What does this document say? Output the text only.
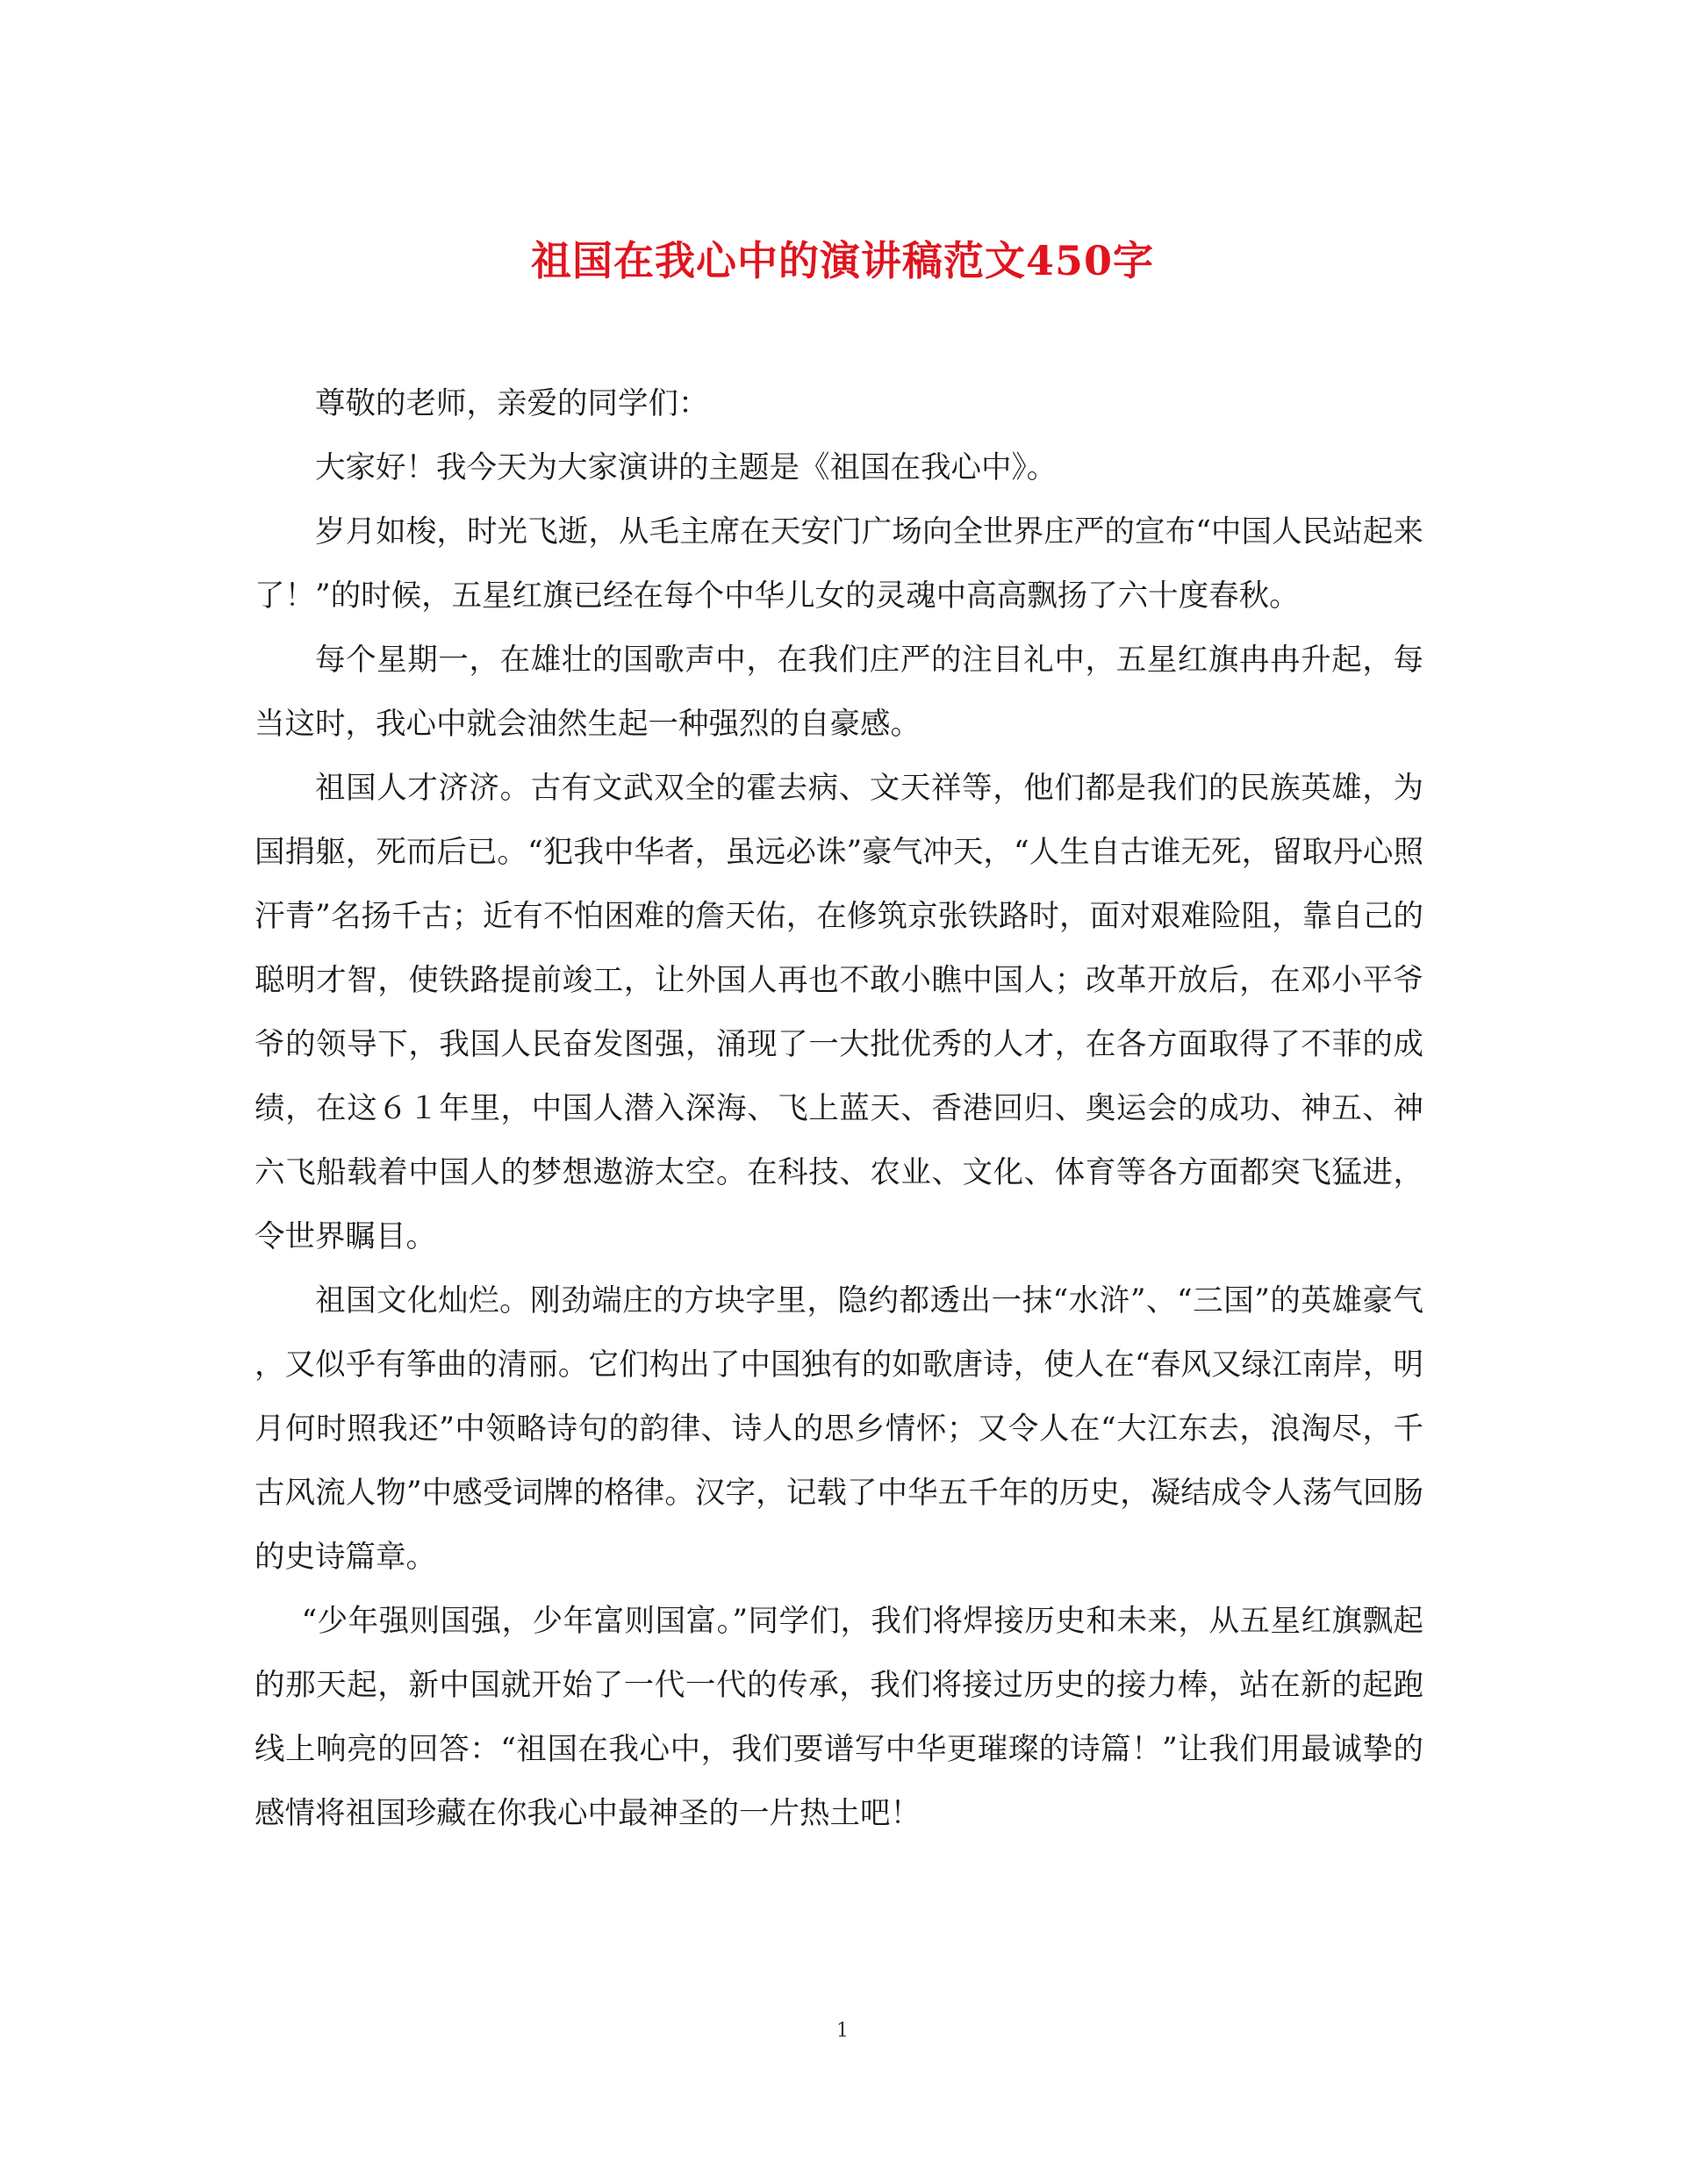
祖国在我心中的演讲稿范文450字

尊敬的老师，亲爱的同学们：

大家好！我今天为大家演讲的主题是《祖国在我心中》。

岁月如梭，时光飞逝，从毛主席在天安门广场向全世界庄严的宣布“中国人民站起来了！”的时候，五星红旗已经在每个中华儿女的灵魂中高高飘扬了六十度春秋。

每个星期一，在雄壮的国歌声中，在我们庄严的注目礼中，五星红旗冉冉升起，每当这时，我心中就会油然生起一种强烈的自豪感。

祖国人才济济。古有文武双全的霍去病、文天祥等，他们都是我们的民族英雄，为国捐躯，死而后已。“犯我中华者，虽远必诛”豪气冲天，“人生自古谁无死，留取丹心照汗青”名扬千古；近有不怕困难的詹天佑，在修筑京张铁路时，面对艰难险阻，靠自己的聪明才智，使铁路提前竣工，让外国人再也不敢小瞧中国人；改革开放后，在邓小平爷爷的领导下，我国人民奋发图强，涌现了一大批优秀的人才，在各方面取得了不菲的成绩，在这６１年里，中国人潜入深海、飞上蓝天、香港回归、奥运会的成功、神五、神六飞船载着中国人的梦想遨游太空。在科技、农业、文化、体育等各方面都突飞猛进，令世界瞩目。

祖国文化灿烂。刚劲端庄的方块字里，隐约都透出一抹“水浒”、“三国”的英雄豪气，又似乎有筝曲的清丽。它们构出了中国独有的如歌唐诗，使人在“春风又绿江南岸，明月何时照我还”中领略诗句的韵律、诗人的思乡情怀；又令人在“大江东去，浪淘尽，千古风流人物”中感受词牌的格律。汉字，记载了中华五千年的历史，凝结成令人荡气回肠的史诗篇章。

“少年强则国强，少年富则国富。”同学们，我们将焊接历史和未来，从五星红旗飘起的那天起，新中国就开始了一代一代的传承，我们将接过历史的接力棒，站在新的起跑线上响亮的回答：“祖国在我心中，我们要谱写中华更璀璨的诗篇！”让我们用最诚挚的感情将祖国珍藏在你我心中最神圣的一片热土吧！

1
